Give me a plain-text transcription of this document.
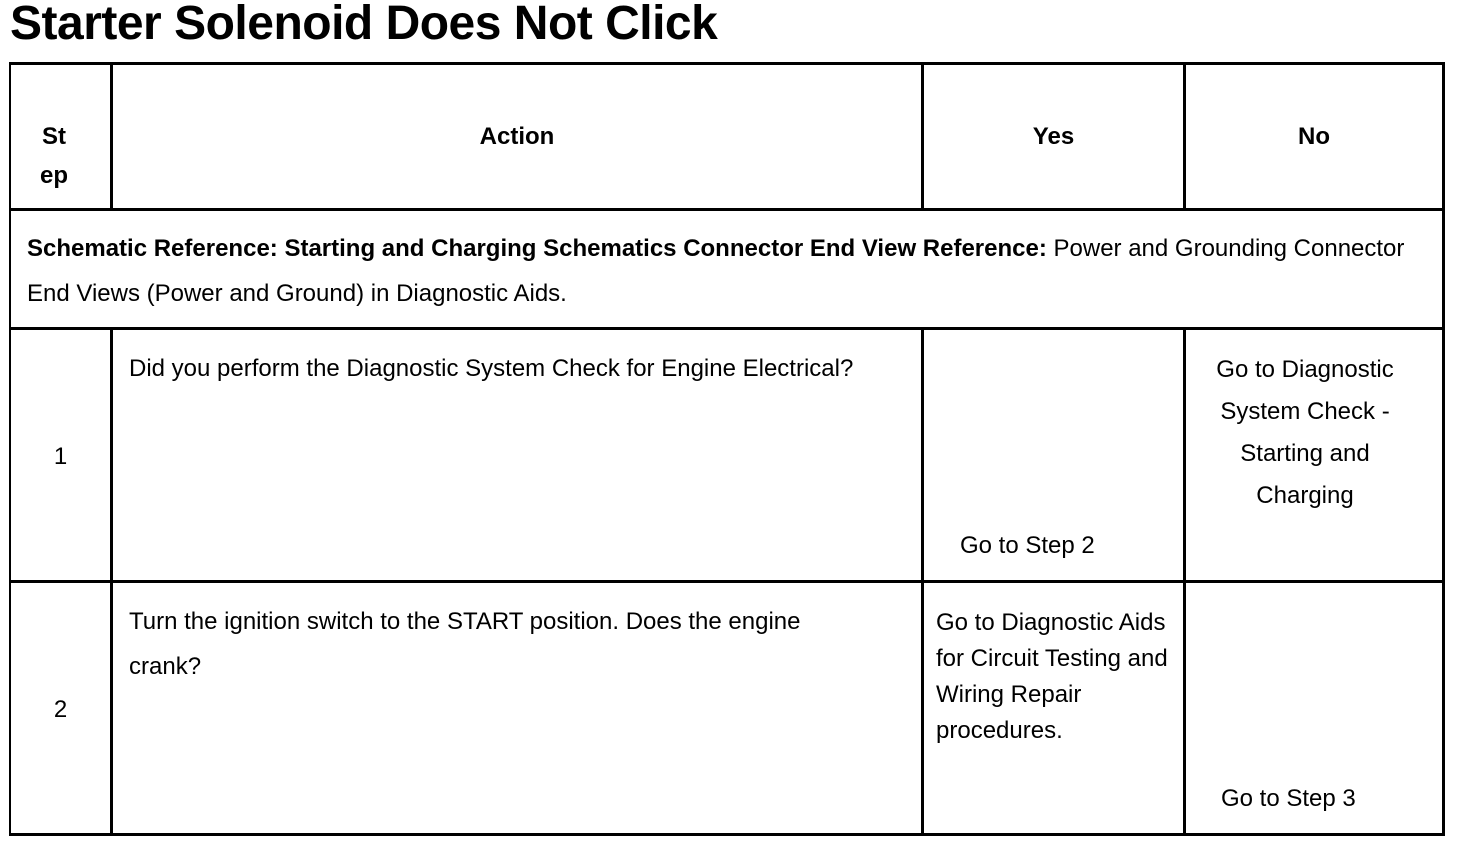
Starter Solenoid Does Not Click
St ep
Action	Yes	No
Schematic Reference: Starting and Charging Schematics Connector End View Reference: Power and Grounding Connector End Views (Power and Ground) in Diagnostic Aids.
1
Did you perform the Diagnostic System Check for Engine Electrical?
Go to Step 2
Go to Diagnostic System Check - Starting and Charging
2
Turn the ignition switch to the START position. Does the engine crank?
Go to Diagnostic Aids for Circuit Testing and Wiring Repair procedures.
Go to Step 3
